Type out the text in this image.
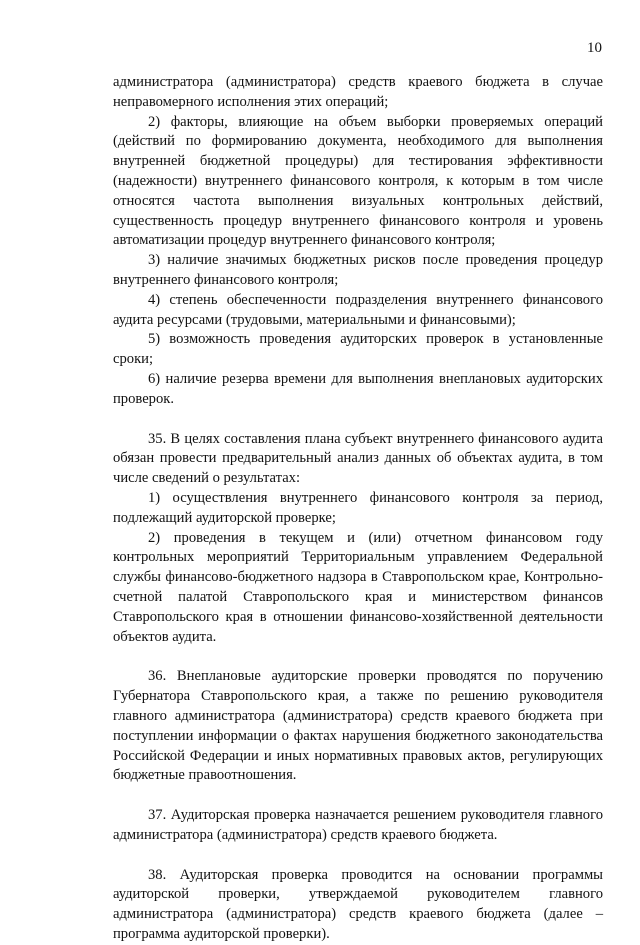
10

администратора (администратора) средств краевого бюджета в случае неправомерного исполнения этих операций;

2) факторы, влияющие на объем выборки проверяемых операций (действий по формированию документа, необходимого для выполнения внутренней бюджетной процедуры) для тестирования эффективности (надежности) внутреннего финансового контроля, к которым в том числе относятся частота выполнения визуальных контрольных действий, существенность процедур внутреннего финансового контроля и уровень автоматизации процедур внутреннего финансового контроля;

3) наличие значимых бюджетных рисков после проведения процедур внутреннего финансового контроля;

4) степень обеспеченности подразделения внутреннего финансового аудита ресурсами (трудовыми, материальными и финансовыми);

5) возможность проведения аудиторских проверок в установленные сроки;

6) наличие резерва времени для выполнения внеплановых аудиторских проверок.

35. В целях составления плана субъект внутреннего финансового аудита обязан провести предварительный анализ данных об объектах аудита, в том числе сведений о результатах:

1) осуществления внутреннего финансового контроля за период, подлежащий аудиторской проверке;

2) проведения в текущем и (или) отчетном финансовом году контрольных мероприятий Территориальным управлением Федеральной службы финансово-бюджетного надзора в Ставропольском крае, Контрольно-счетной палатой Ставропольского края и министерством финансов Ставропольского края в отношении финансово-хозяйственной деятельности объектов аудита.

36. Внеплановые аудиторские проверки проводятся по поручению Губернатора Ставропольского края, а также по решению руководителя главного администратора (администратора) средств краевого бюджета при поступлении информации о фактах нарушения бюджетного законодательства Российской Федерации и иных нормативных правовых актов, регулирующих бюджетные правоотношения.

37. Аудиторская проверка назначается решением руководителя главного администратора (администратора) средств краевого бюджета.

38. Аудиторская проверка проводится на основании программы аудиторской проверки, утверждаемой руководителем главного администратора (администратора) средств краевого бюджета (далее – программа аудиторской проверки).
